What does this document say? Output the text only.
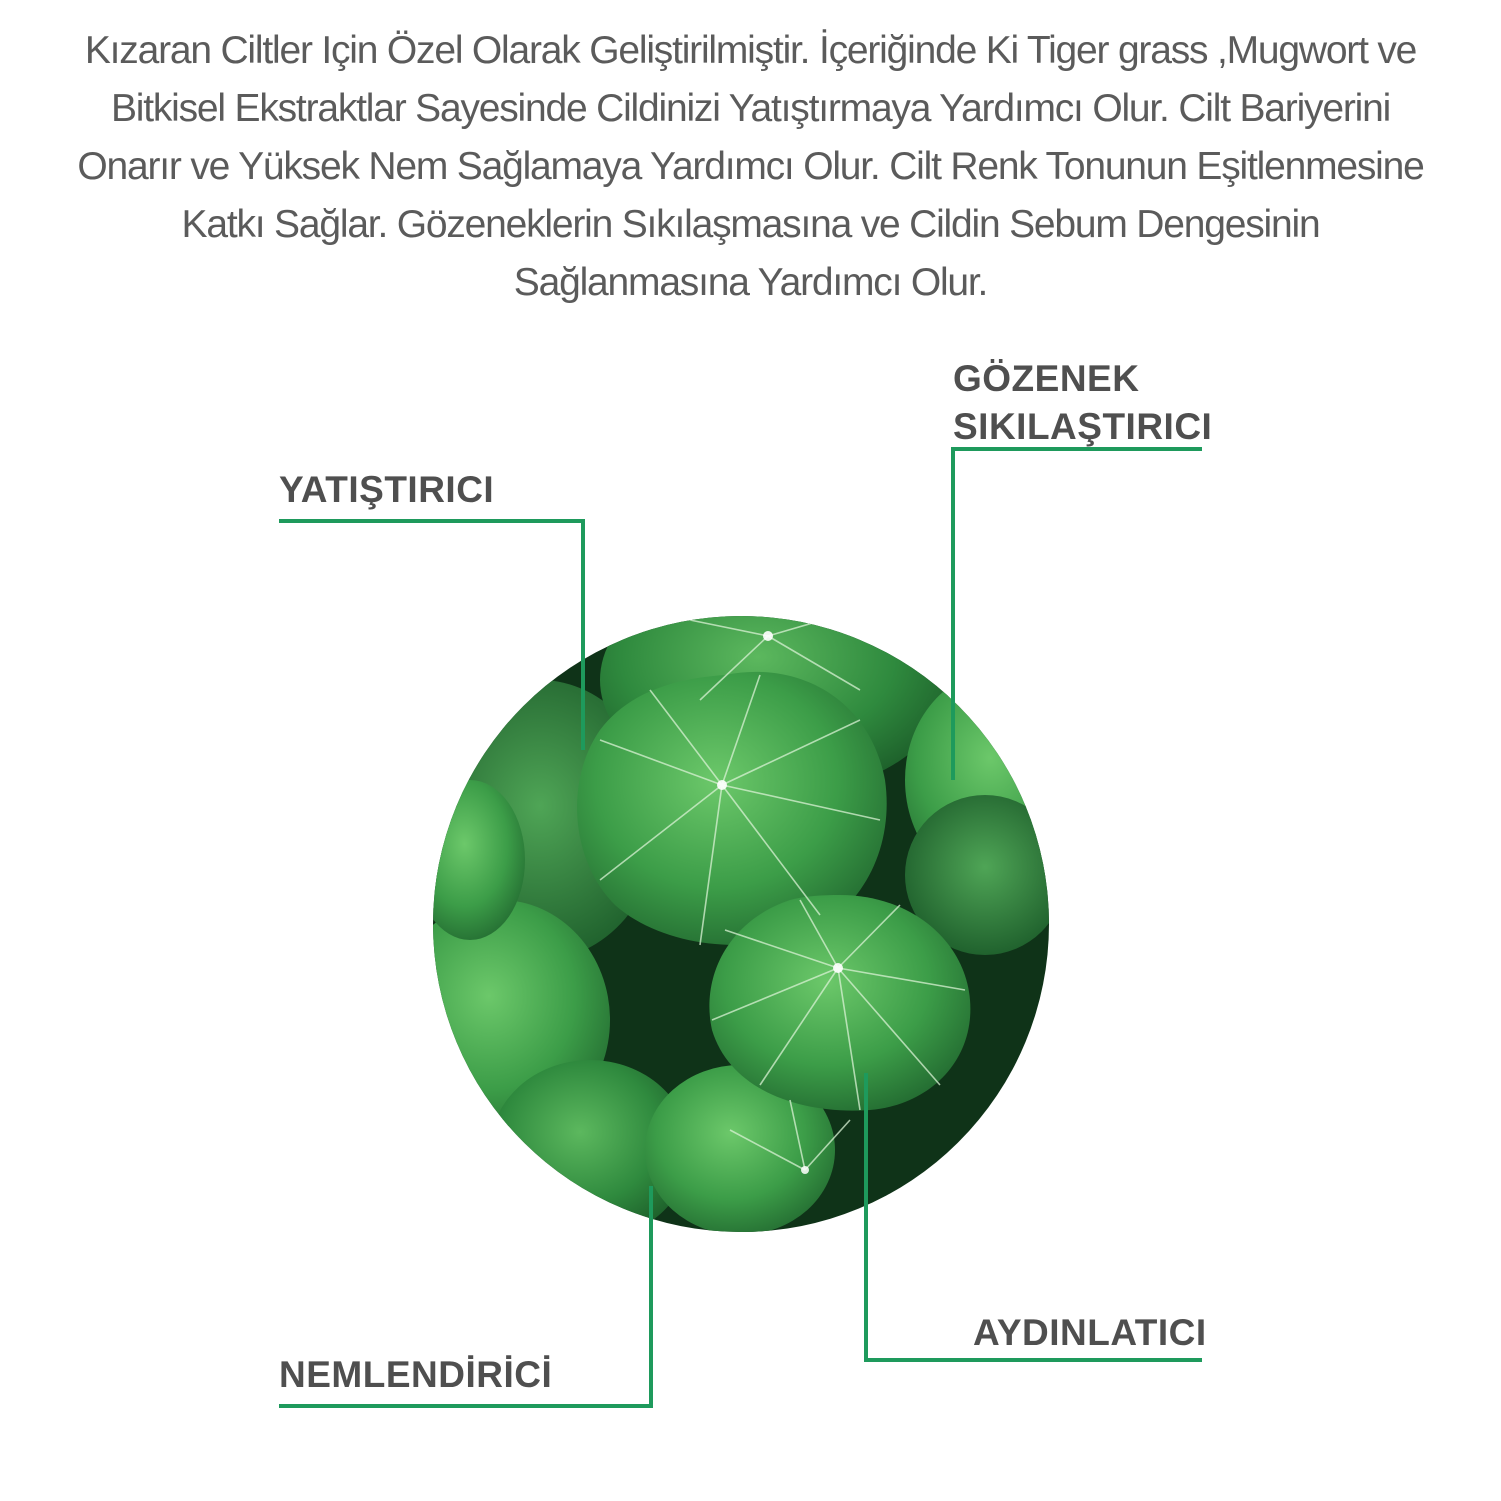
Kızaran Ciltler Için Özel Olarak Geliştirilmiştir. İçeriğinde Ki Tiger grass ,Mugwort ve Bitkisel Ekstraktlar Sayesinde Cildinizi Yatıştırmaya Yardımcı Olur. Cilt Bariyerini Onarır ve Yüksek Nem Sağlamaya Yardımcı Olur. Cilt Renk Tonunun Eşitlenmesine Katkı Sağlar. Gözeneklerin Sıkılaşmasına ve Cildin Sebum Dengesinin Sağlanmasına Yardımcı Olur.
YATIŞTIRICI
GÖZENEK
SIKILAŞTIRICI
AYDINLATICI
NEMLENDİRİCİ
